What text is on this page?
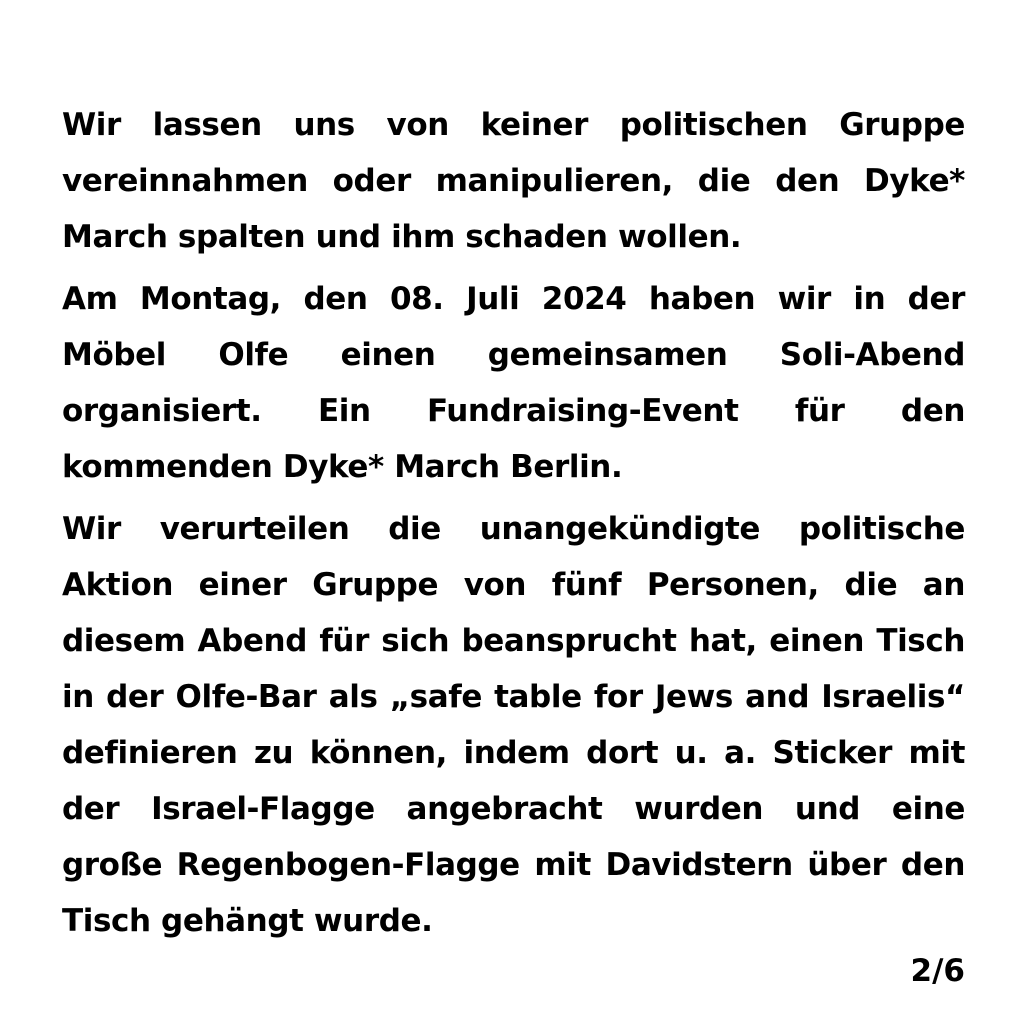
Wir lassen uns von keiner politischen Gruppe vereinnahmen oder manipulieren, die den Dyke* March spalten und ihm schaden wollen.

Am Montag, den 08. Juli 2024 haben wir in der Möbel Olfe einen gemeinsamen Soli-Abend organisiert. Ein Fundraising-Event für den kommenden Dyke* March Berlin.

Wir verurteilen die unangekündigte politische Aktion einer Gruppe von fünf Personen, die an diesem Abend für sich beansprucht hat, einen Tisch in der Olfe-Bar als „safe table for Jews and Israelis“ definieren zu können, indem dort u. a. Sticker mit der Israel-Flagge angebracht wurden und eine große Regenbogen-Flagge mit Davidstern über den Tisch gehängt wurde.

2/6
